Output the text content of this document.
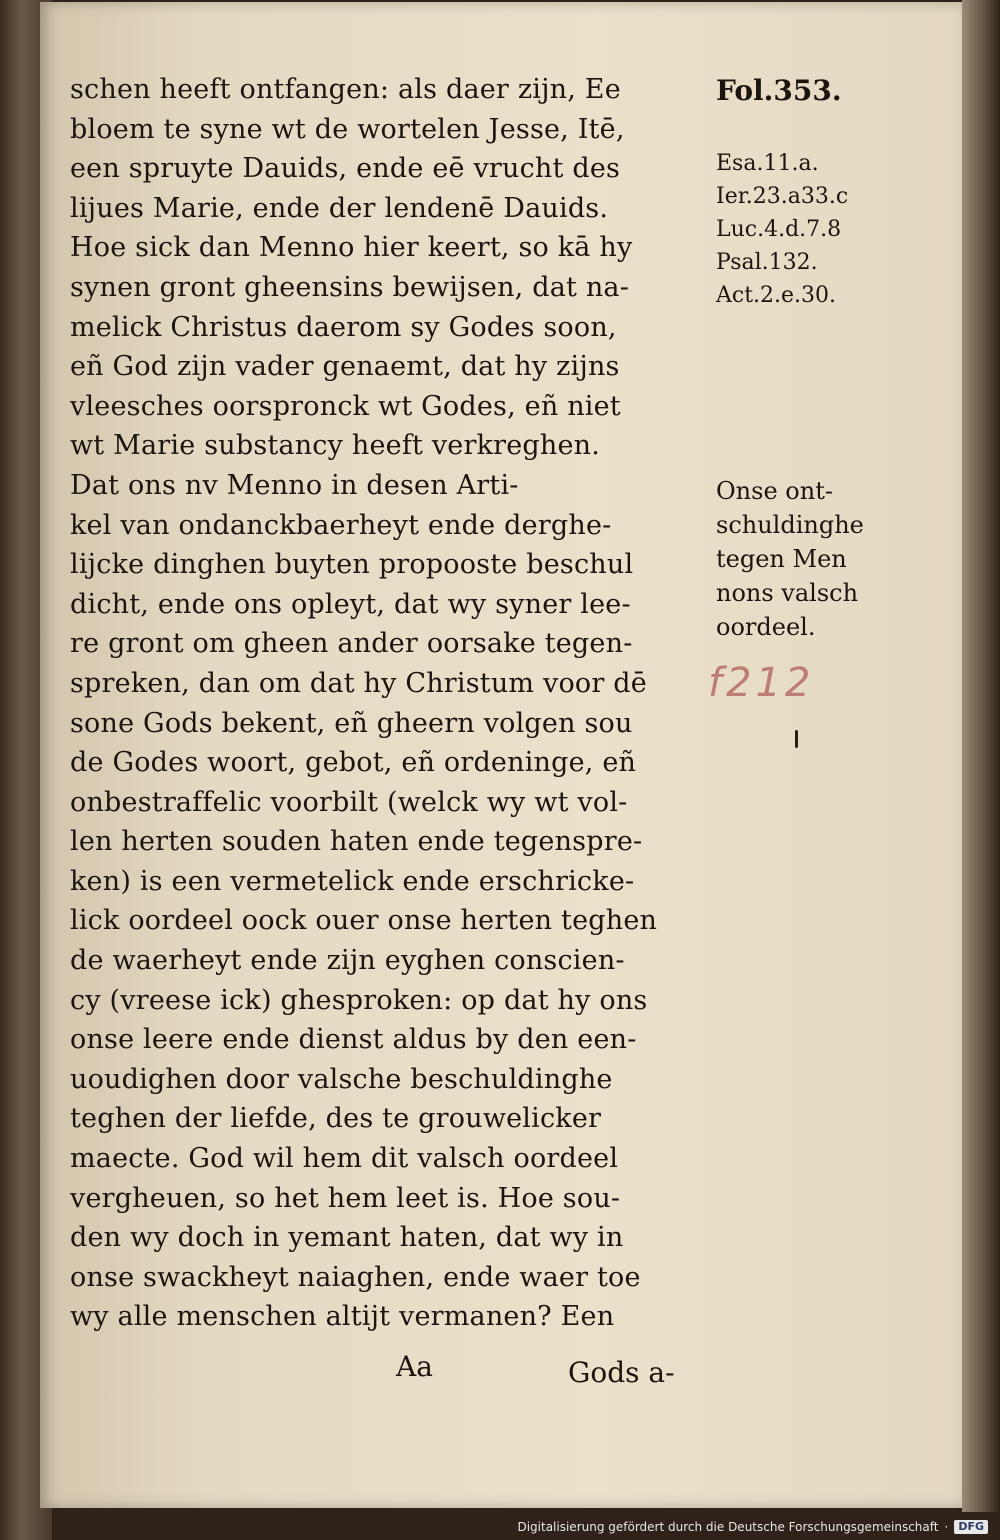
schen heeft ontfangen: als daer zijn, Ee
bloem te syne wt de wortelen Jesse, Itē,
een spruyte Dauids, ende eē vrucht des
lijues Marie, ende der lendenē Dauids.
Hoe sick dan Menno hier keert, so kā hy
synen gront gheensins bewijsen, dat na-
melick Christus daerom sy Godes soon,
eñ God zijn vader genaemt, dat hy zijns
vleesches oorspronck wt Godes, eñ niet
wt Marie substancy heeft verkreghen.
Dat ons nv Menno in desen Arti-
kel van ondanckbaerheyt ende derghe-
lijcke dinghen buyten propooste beschul
dicht, ende ons opleyt, dat wy syner lee-
re gront om gheen ander oorsake tegen-
spreken, dan om dat hy Christum voor dē
sone Gods bekent, eñ gheern volgen sou
de Godes woort, gebot, eñ ordeninge, eñ
onbestraffelic voorbilt (welck wy wt vol-
len herten souden haten ende tegenspre-
ken) is een vermetelick ende erschricke-
lick oordeel oock ouer onse herten teghen
de waerheyt ende zijn eyghen conscien-
cy (vreese ick) ghesproken: op dat hy ons
onse leere ende dienst aldus by den een-
uoudighen door valsche beschuldinghe
teghen der liefde, des te grouwelicker
maecte. God wil hem dit valsch oordeel
vergheuen, so het hem leet is. Hoe sou-
den wy doch in yemant haten, dat wy in
onse swackheyt naiaghen, ende waer toe
wy alle menschen altijt vermanen? Een
Fol.353.
Esa.11.a.
Ier.23.a33.c
Luc.4.d.7.8
Psal.132.
Act.2.e.30.
Onse ont-
schuldinghe
tegen Men
nons valsch
oordeel.
f212
Aa	Gods a-
Digitalisierung gefördert durch die Deutsche Forschungsgemeinschaft · DFG
